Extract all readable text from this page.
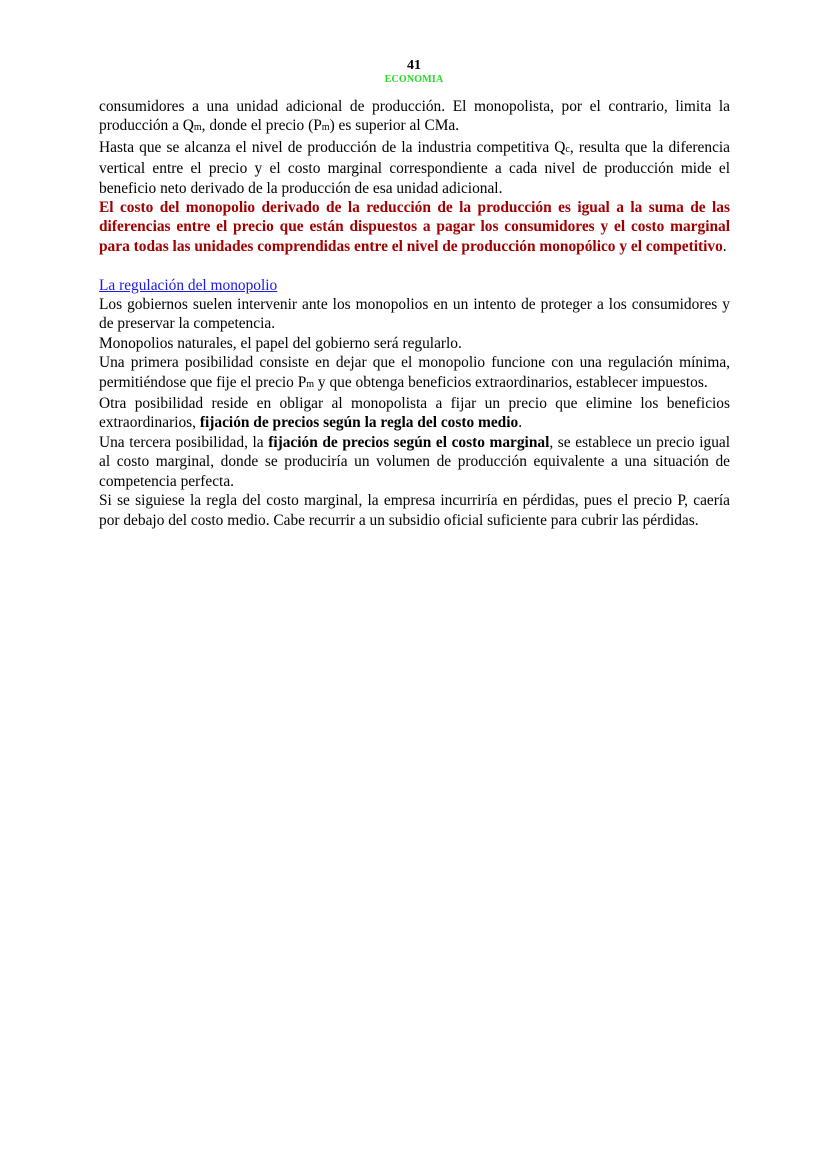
41
ECONOMIA

consumidores a una unidad adicional de producción. El monopolista, por el contrario, limita la producción a Qm, donde el precio (Pm) es superior al CMa.

Hasta que se alcanza el nivel de producción de la industria competitiva Qc, resulta que la diferencia vertical entre el precio y el costo marginal correspondiente a cada nivel de producción mide el beneficio neto derivado de la producción de esa unidad adicional.

El costo del monopolio derivado de la reducción de la producción es igual a la suma de las diferencias entre el precio que están dispuestos a pagar los consumidores y el costo marginal para todas las unidades comprendidas entre el nivel de producción monopólico y el competitivo.

La regulación del monopolio

Los gobiernos suelen intervenir ante los monopolios en un intento de proteger a los consumidores y de preservar la competencia.

Monopolios naturales, el papel del gobierno será regularlo.

Una primera posibilidad consiste en dejar que el monopolio funcione con una regulación mínima, permitiéndose que fije el precio Pm y que obtenga beneficios extraordinarios, establecer impuestos.

Otra posibilidad reside en obligar al monopolista a fijar un precio que elimine los beneficios extraordinarios, fijación de precios según la regla del costo medio.

Una tercera posibilidad, la fijación de precios según el costo marginal, se establece un precio igual al costo marginal, donde se produciría un volumen de producción equivalente a una situación de competencia perfecta.

Si se siguiese la regla del costo marginal, la empresa incurriría en pérdidas, pues el precio P, caería por debajo del costo medio. Cabe recurrir a un subsidio oficial suficiente para cubrir las pérdidas.
